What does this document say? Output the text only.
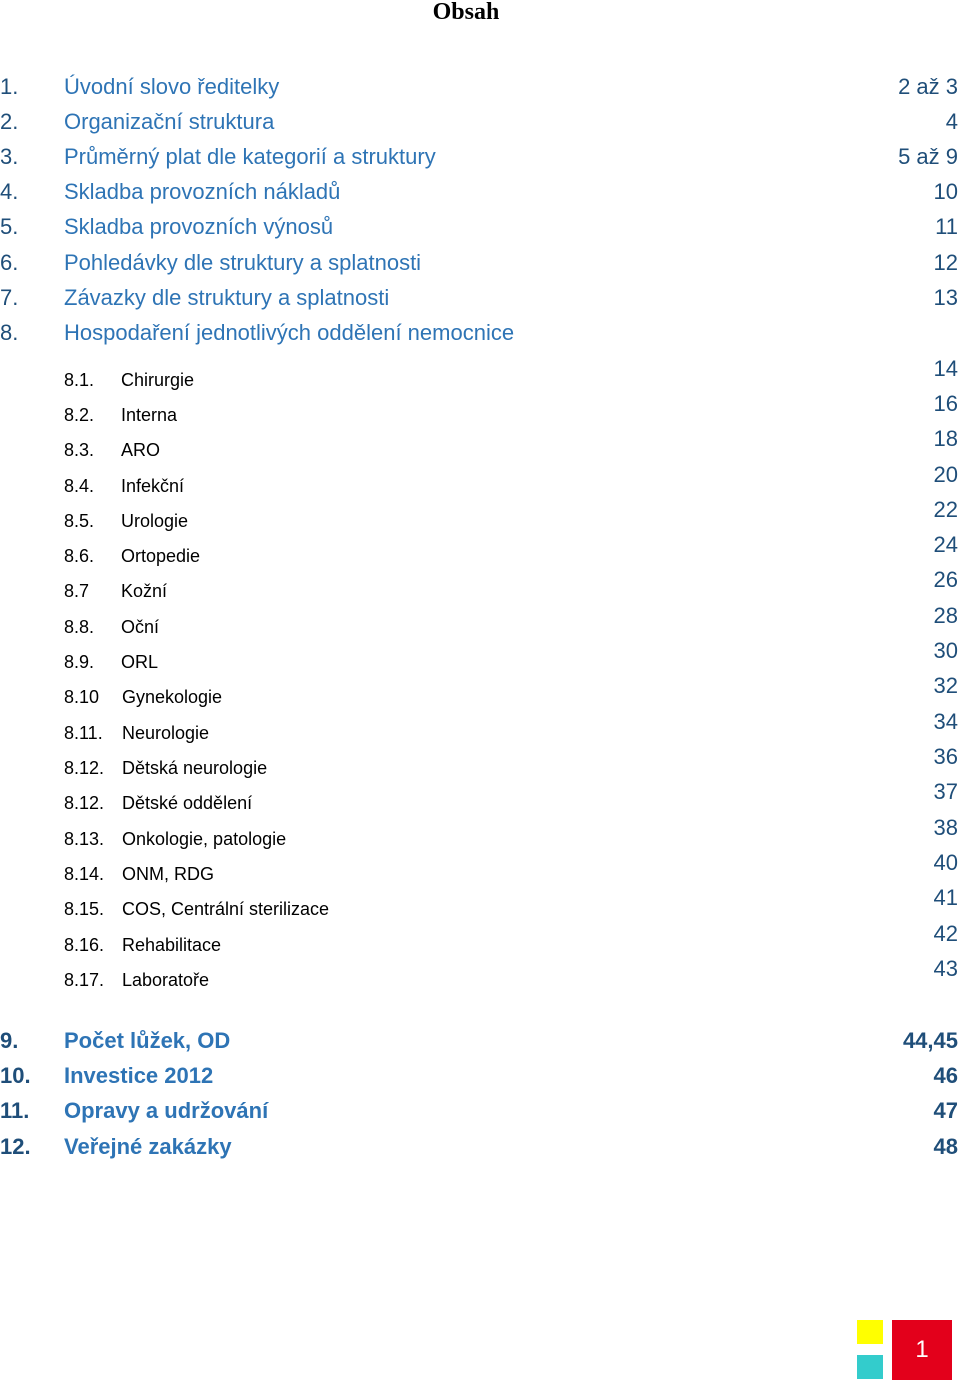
Obsah
1. Úvodní slovo ředitelky	2 až 3
2. Organizační struktura	4
3. Průměrný plat dle kategorií a struktury	5 až 9
4. Skladba provozních nákladů	10
5. Skladba provozních výnosů	11
6. Pohledávky dle struktury a splatnosti	12
7. Závazky dle struktury a splatnosti	13
8. Hospodaření jednotlivých oddělení nemocnice
8.1. Chirurgie	14
8.2. Interna	16
8.3. ARO	18
8.4. Infekční	20
8.5. Urologie	22
8.6. Ortopedie	24
8.7 Kožní	26
8.8. Oční	28
8.9. ORL	30
8.10 Gynekologie	32
8.11. Neurologie	34
8.12. Dětská neurologie	36
8.12. Dětské oddělení	37
8.13. Onkologie, patologie	38
8.14. ONM, RDG	40
8.15. COS, Centrální sterilizace	41
8.16. Rehabilitace	42
8.17. Laboratoře	43
9. Počet lůžek, OD	44,45
10. Investice 2012	46
11. Opravy a udržování	47
12. Veřejné zakázky	48
1
